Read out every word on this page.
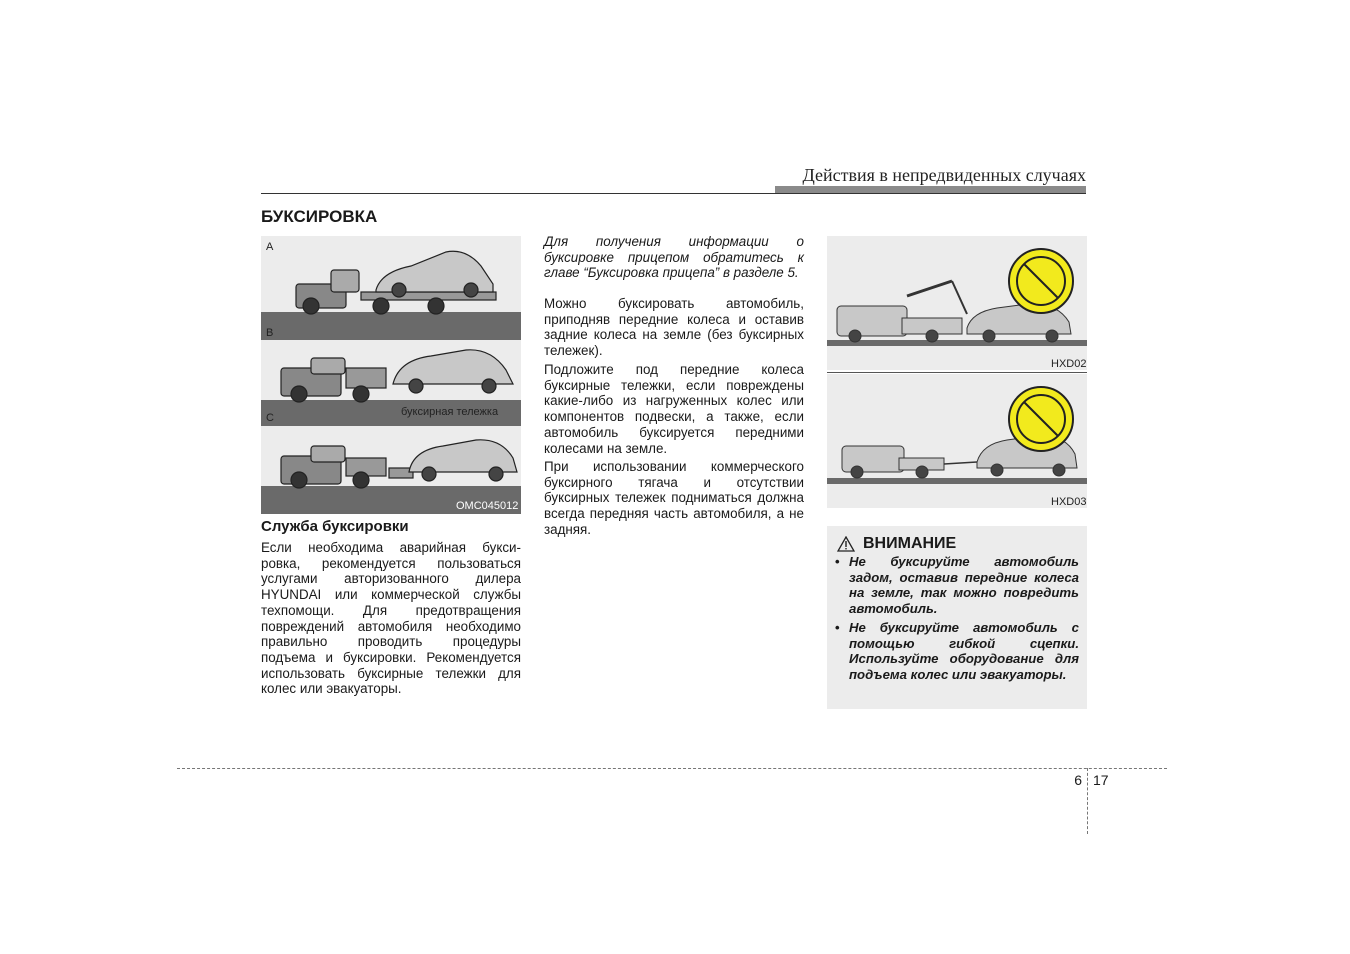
Действия в непредвиденных случаях
БУКСИРОВКА
A
B
C	буксирная тележка
OMC045012
Служба буксировки
Если необходима аварийная букси-ровка, рекомендуется пользоваться услугами авторизованного дилера HYUNDAI или коммерческой службы техпомощи. Для предотвращения повреждений автомобиля необходимо правильно проводить процедуры подъема и буксировки. Рекомендуется использовать буксирные тележки для колес или эвакуаторы.
Для получения информации о буксировке прицепом обратитесь к главе “Буксировка прицепа” в разделе 5.
Можно буксировать автомобиль, приподняв передние колеса и оставив задние колеса на земле (без буксирных тележек).
Подложите под передние колеса буксирные тележки, если повреждены какие-либо из нагруженных колес или компонентов подвески, а также, если автомобиль буксируется передними колесами на земле.
При использовании коммерческого буксирного тягача и отсутствии буксирных тележек подниматься должна всегда передняя часть автомобиля, а не задняя.
HXD02
HXD03
ВНИМАНИЕ
• Не буксируйте автомобиль задом, оставив передние колеса на земле, так можно повредить автомобиль.
• Не буксируйте автомобиль с помощью гибкой сцепки. Используйте оборудование для подъема колес или эвакуаторы.
6 17
